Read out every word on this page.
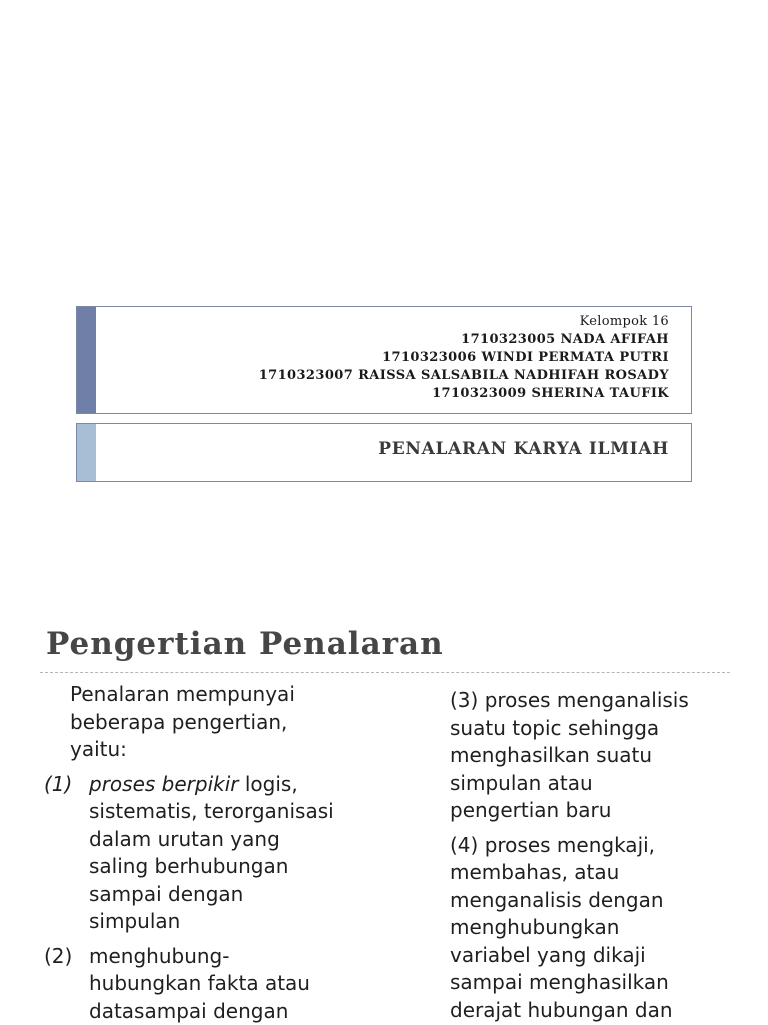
Kelompok 16
1710323005 NADA AFIFAH
1710323006 WINDI PERMATA PUTRI
1710323007 RAISSA SALSABILA NADHIFAH ROSADY
1710323009 SHERINA TAUFIK
PENALARAN KARYA ILMIAH
Pengertian Penalaran
Penalaran mempunyai
beberapa pengertian,
yaitu:
(1) proses berpikir logis,
sistematis, terorganisasi
dalam urutan yang
saling berhubungan
sampai dengan
simpulan
(2) menghubung-
hubungkan fakta atau
datasampai dengan
(3) proses menganalisis
suatu topic sehingga
menghasilkan suatu
simpulan atau
pengertian baru
(4) proses mengkaji,
membahas, atau
menganalisis dengan
menghubungkan
variabel yang dikaji
sampai menghasilkan
derajat hubungan dan
